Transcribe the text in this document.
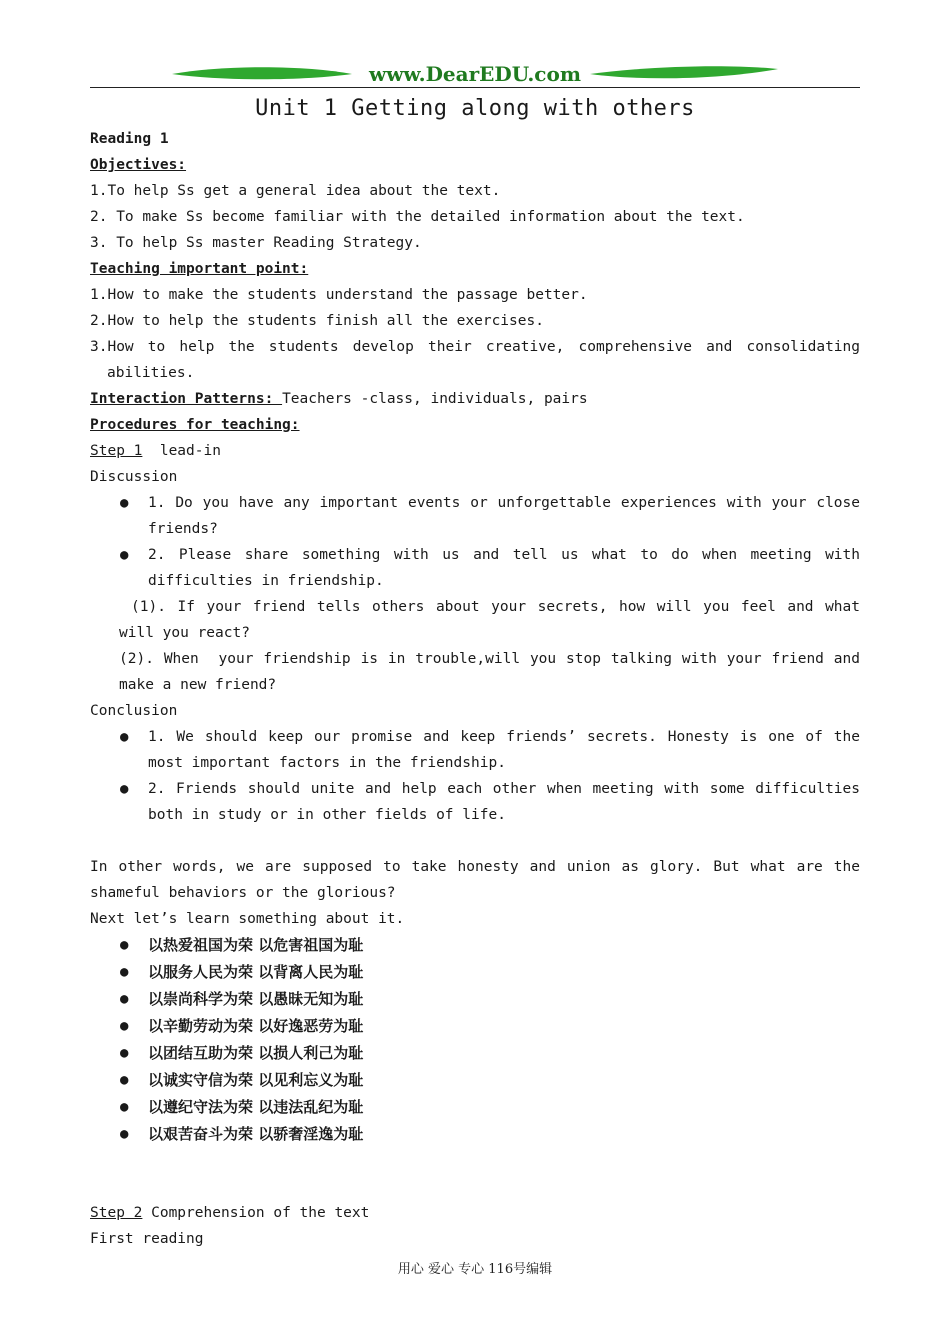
www.DearEDU.com
Unit 1 Getting along with others
Reading 1
Objectives:
1.To help Ss get a general idea about the text.
2. To make Ss become familiar with the detailed information about the text.
3. To help Ss master Reading Strategy.
Teaching important point:
1.How to make the students understand the passage better.
2.How to help the students finish all the exercises.
3.How to help the students develop their creative, comprehensive and consolidating abilities.
Interaction Patterns: Teachers -class, individuals, pairs
Procedures for teaching:
Step 1  lead-in
Discussion
● 1. Do you have any important events or unforgettable experiences with your close friends?
● 2. Please share something with us and tell us what to do when meeting with difficulties in friendship.
(1). If your friend tells others about your secrets, how will you feel and what will you react?
(2). When  your friendship is in trouble,will you stop talking with your friend and make a new friend?
Conclusion
● 1. We should keep our promise and keep friends’ secrets. Honesty is one of the most important factors in the friendship.
● 2. Friends should unite and help each other when meeting with some difficulties both in study or in other fields of life.
In other words, we are supposed to take honesty and union as glory. But what are the shameful behaviors or the glorious?
Next let’s learn something about it.
● 以热爱祖国为荣 以危害祖国为耻
● 以服务人民为荣 以背离人民为耻
● 以崇尚科学为荣 以愚昧无知为耻
● 以辛勤劳动为荣 以好逸恶劳为耻
● 以团结互助为荣 以损人利己为耻
● 以诚实守信为荣 以见利忘义为耻
● 以遵纪守法为荣 以违法乱纪为耻
● 以艰苦奋斗为荣 以骄奢淫逸为耻
Step 2 Comprehension of the text
First reading
用心 爱心 专心 116号编辑
